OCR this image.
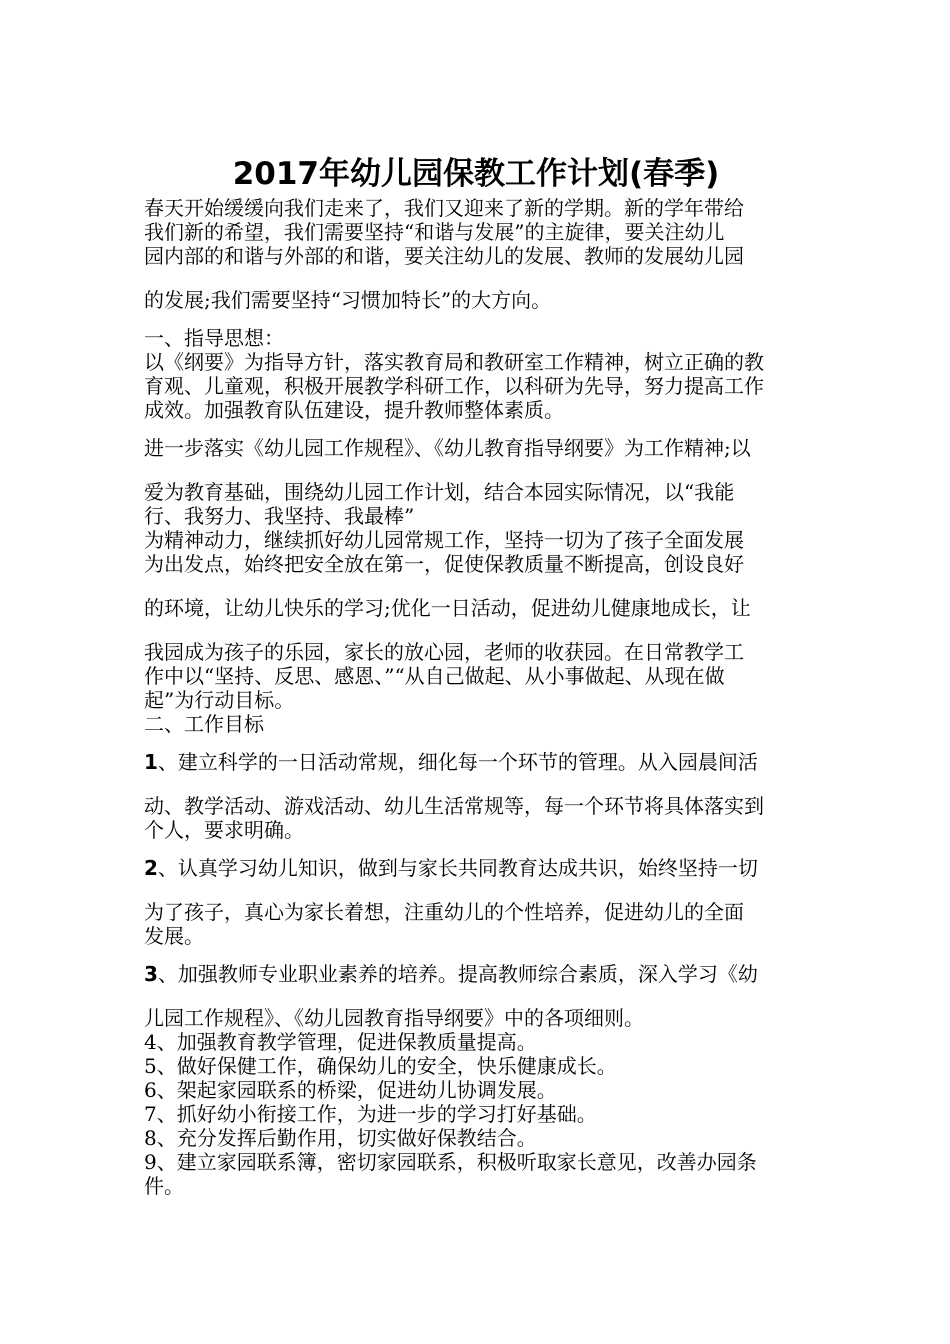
2017年幼儿园保教工作计划(春季)
春天开始缓缓向我们走来了，我们又迎来了新的学期。新的学年带给
我们新的希望，我们需要坚持“和谐与发展”的主旋律，要关注幼儿
园内部的和谐与外部的和谐，要关注幼儿的发展、教师的发展幼儿园
的发展;我们需要坚持“习惯加特长”的大方向。
一、指导思想：
以《纲要》为指导方针，落实教育局和教研室工作精神，树立正确的教
育观、儿童观，积极开展教学科研工作，以科研为先导，努力提高工作
成效。加强教育队伍建设，提升教师整体素质。
进一步落实《幼儿园工作规程》、《幼儿教育指导纲要》为工作精神;以
爱为教育基础，围绕幼儿园工作计划，结合本园实际情况，以“我能
行、我努力、我坚持、我最棒”
为精神动力，继续抓好幼儿园常规工作，坚持一切为了孩子全面发展
为出发点，始终把安全放在第一，促使保教质量不断提高，创设良好
的环境，让幼儿快乐的学习;优化一日活动，促进幼儿健康地成长，让
我园成为孩子的乐园，家长的放心园，老师的收获园。在日常教学工
作中以“坚持、反思、感恩、”“从自己做起、从小事做起、从现在做
起”为行动目标。
二、工作目标
1、建立科学的一日活动常规，细化每一个环节的管理。从入园晨间活
动、教学活动、游戏活动、幼儿生活常规等，每一个环节将具体落实到
个人，要求明确。
2、认真学习幼儿知识，做到与家长共同教育达成共识，始终坚持一切
为了孩子，真心为家长着想，注重幼儿的个性培养，促进幼儿的全面
发展。
3、加强教师专业职业素养的培养。提高教师综合素质，深入学习《幼
儿园工作规程》、《幼儿园教育指导纲要》中的各项细则。
4、加强教育教学管理，促进保教质量提高。
5、做好保健工作，确保幼儿的安全，快乐健康成长。
6、架起家园联系的桥梁，促进幼儿协调发展。
7、抓好幼小衔接工作，为进一步的学习打好基础。
8、充分发挥后勤作用，切实做好保教结合。
9、建立家园联系簿，密切家园联系，积极听取家长意见，改善办园条
件。
